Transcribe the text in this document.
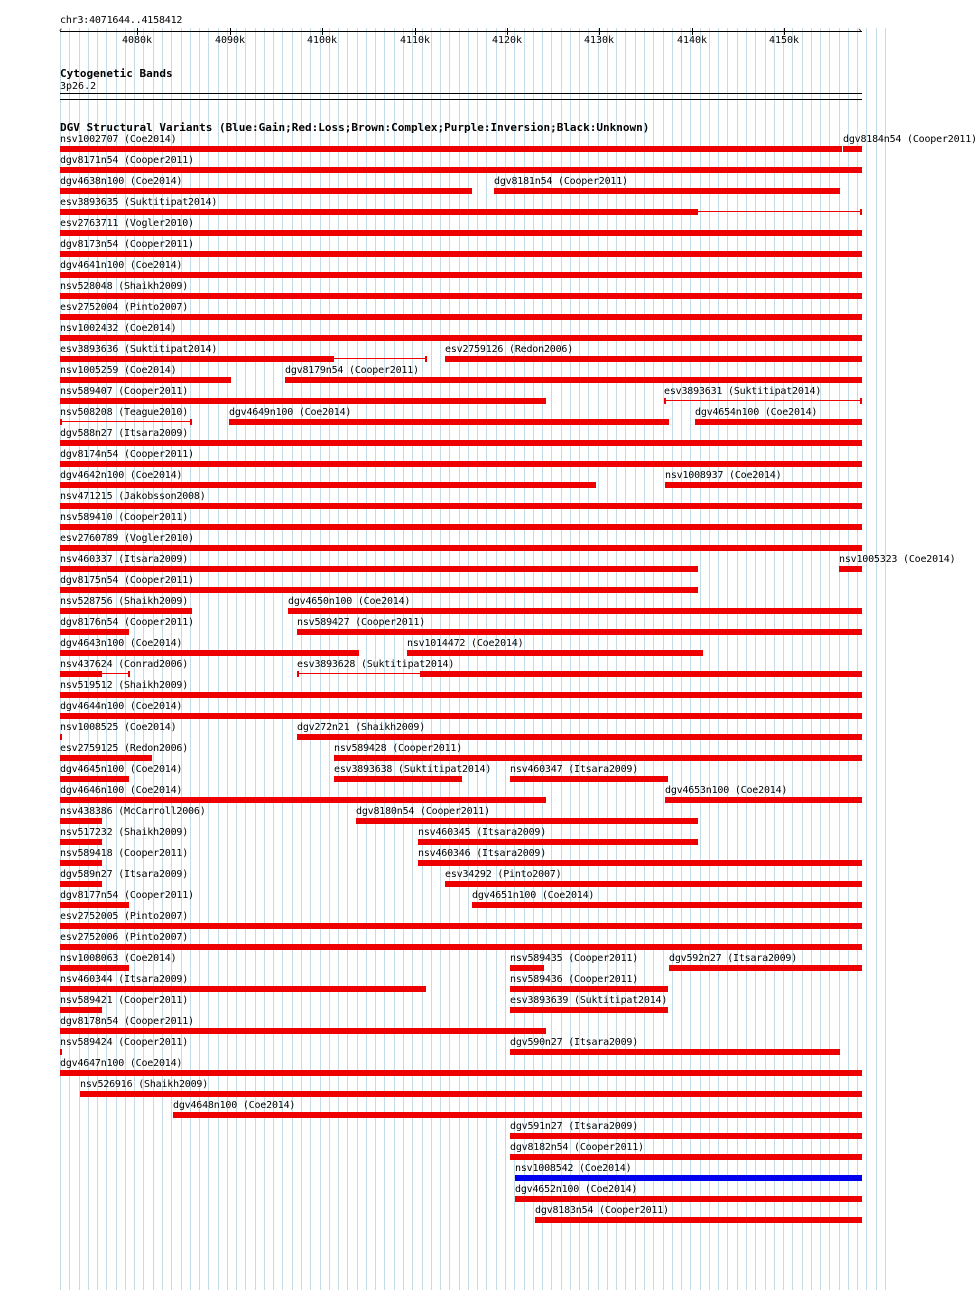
chr3:4071644..4158412
‹	›
4080k	4090k	4100k	4110k	4120k	4130k	4140k	4150k
Cytogenetic Bands
3p26.2
DGV Structural Variants (Blue:Gain;Red:Loss;Brown:Complex;Purple:Inversion;Black:Unknown)
nsv1002707 (Coe2014)	dgv8184n54 (Cooper2011)
dgv8171n54 (Cooper2011)
dgv4638n100 (Coe2014)	dgv8181n54 (Cooper2011)
esv3893635 (Suktitipat2014)
esv2763711 (Vogler2010)
dgv8173n54 (Cooper2011)
dgv4641n100 (Coe2014)
nsv528048 (Shaikh2009)
esv2752004 (Pinto2007)
nsv1002432 (Coe2014)
esv3893636 (Suktitipat2014)	esv2759126 (Redon2006)
nsv1005259 (Coe2014)	dgv8179n54 (Cooper2011)
nsv589407 (Cooper2011)	esv3893631 (Suktitipat2014)
nsv508208 (Teague2010)	dgv4649n100 (Coe2014)	dgv4654n100 (Coe2014)
dgv588n27 (Itsara2009)
dgv8174n54 (Cooper2011)
dgv4642n100 (Coe2014)	nsv1008937 (Coe2014)
nsv471215 (Jakobsson2008)
nsv589410 (Cooper2011)
esv2760789 (Vogler2010)
nsv460337 (Itsara2009)	nsv1005323 (Coe2014)
dgv8175n54 (Cooper2011)
nsv528756 (Shaikh2009)	dgv4650n100 (Coe2014)
dgv8176n54 (Cooper2011)	nsv589427 (Cooper2011)
dgv4643n100 (Coe2014)	nsv1014472 (Coe2014)
nsv437624 (Conrad2006)	esv3893628 (Suktitipat2014)
nsv519512 (Shaikh2009)
dgv4644n100 (Coe2014)
nsv1008525 (Coe2014)	dgv272n21 (Shaikh2009)
esv2759125 (Redon2006)	nsv589428 (Cooper2011)
dgv4645n100 (Coe2014)	esv3893638 (Suktitipat2014) nsv460347 (Itsara2009)
dgv4646n100 (Coe2014)	dgv4653n100 (Coe2014)
nsv438386 (McCarroll2006)	dgv8180n54 (Cooper2011)
nsv517232 (Shaikh2009)	nsv460345 (Itsara2009)
nsv589418 (Cooper2011)	nsv460346 (Itsara2009)
dgv589n27 (Itsara2009)	esv34292 (Pinto2007)
dgv8177n54 (Cooper2011)	dgv4651n100 (Coe2014)
esv2752005 (Pinto2007)
esv2752006 (Pinto2007)
nsv1008063 (Coe2014)	nsv589435 (Cooper2011)	dgv592n27 (Itsara2009)
nsv460344 (Itsara2009)	nsv589436 (Cooper2011)
nsv589421 (Cooper2011)	esv3893639 (Suktitipat2014)
dgv8178n54 (Cooper2011)
nsv589424 (Cooper2011)	dgv590n27 (Itsara2009)
dgv4647n100 (Coe2014)
nsv526916 (Shaikh2009)
dgv4648n100 (Coe2014)
dgv591n27 (Itsara2009)
dgv8182n54 (Cooper2011)
nsv1008542 (Coe2014)
dgv4652n100 (Coe2014)
dgv8183n54 (Cooper2011)
